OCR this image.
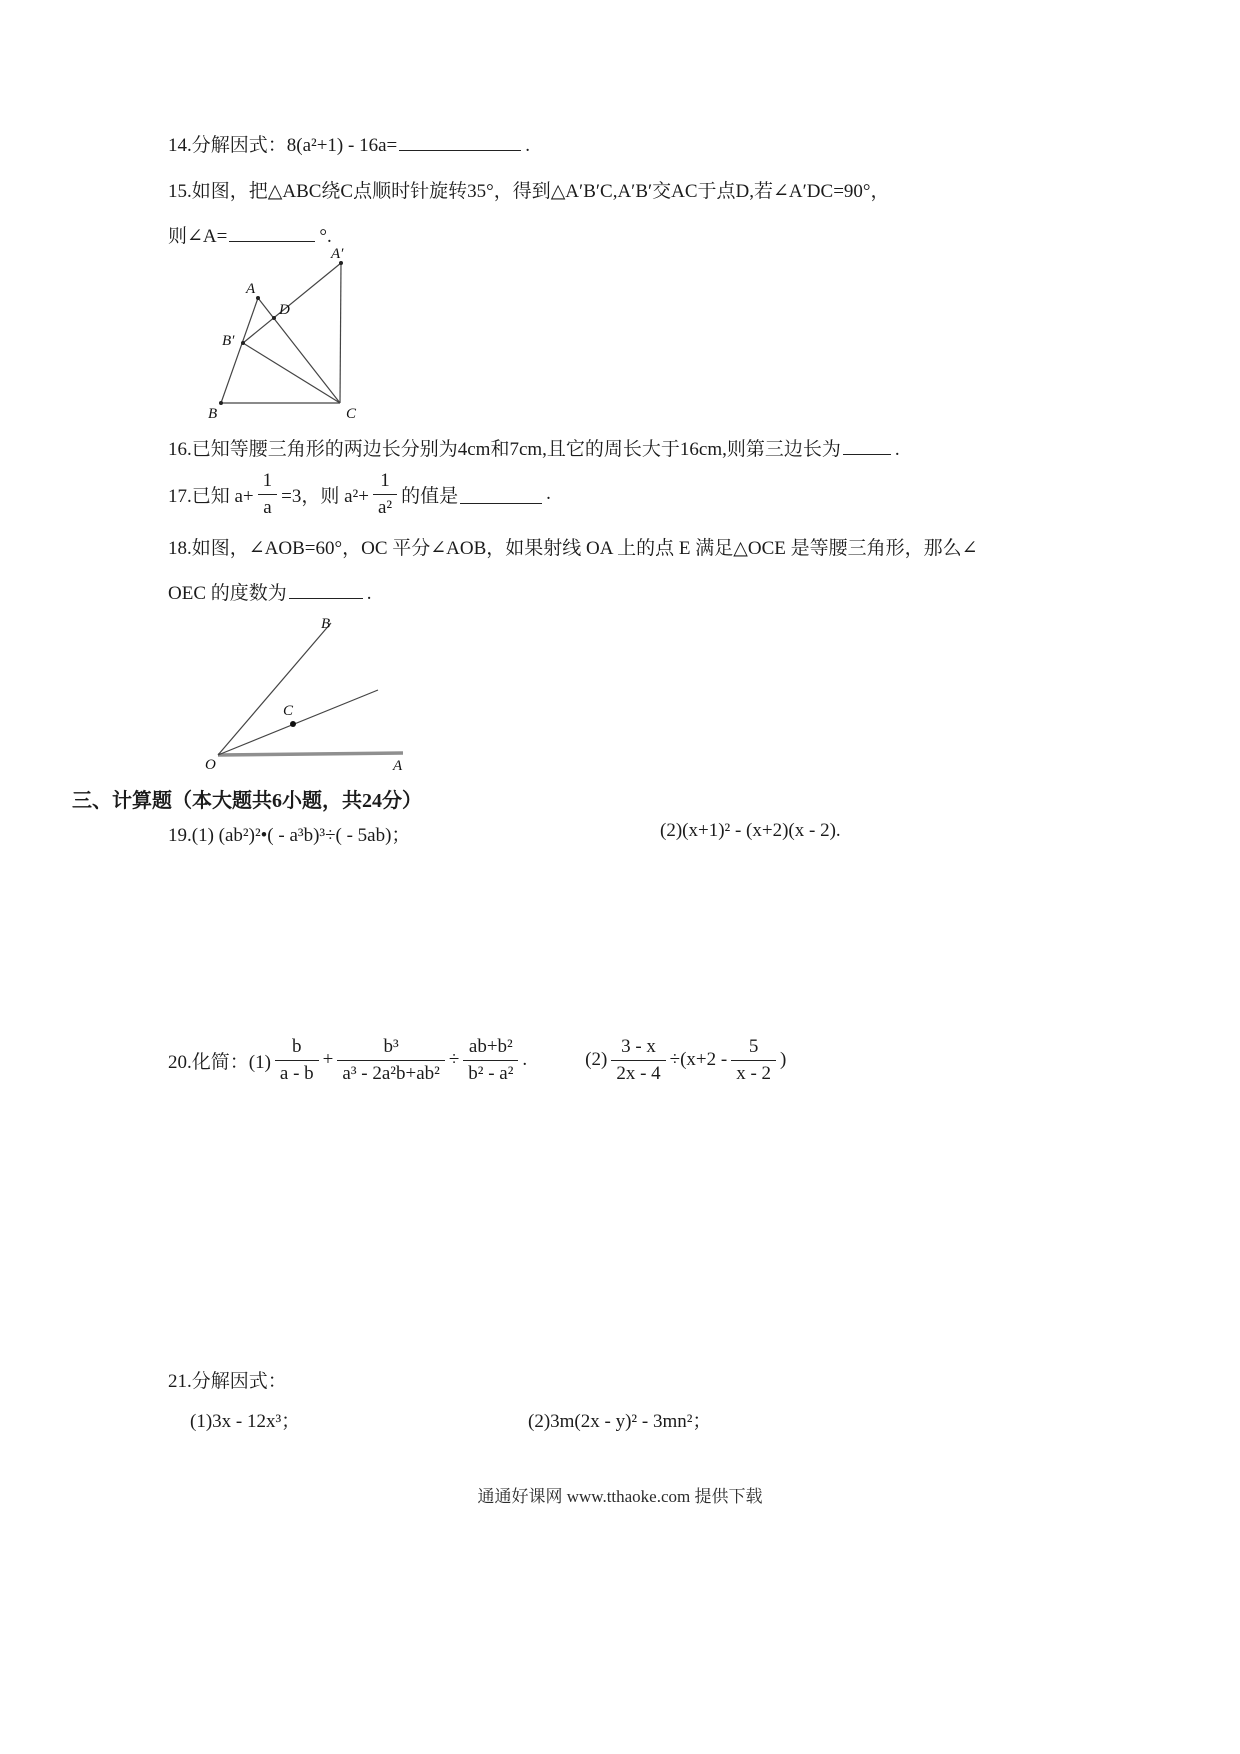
14.分解因式：8(a²+1) - 16a=	.
15.如图，把△ABC绕C点顺时针旋转35°，得到△A′B′C,A′B′交AC于点D,若∠A′DC=90°，
则∠A=	°.
A′
A
D
B′
B	C
16.已知等腰三角形的两边长分别为4cm和7cm,且它的周长大于16cm,则第三边长为	.
17.已知 $a+ \frac{1}{a} =3$，则 $a^2+ \frac{1}{\text{a²}}$ 的值是	.
18.如图，∠AOB=60°，OC 平分∠AOB，如果射线 OA 上的点 E 满足△OCE 是等腰三角形，那么∠
OEC 的度数为	.
B
C
O	A
三、计算题（本大题共6小题，共24分）
19.(1) (ab²)²•( - a³b)³÷( - 5ab)；	(2)(x+1)² - (x+2)(x - 2).
20.化简：$(1) \frac{b}{a - b} + \frac{\text{b³}}{\text{a³ - 2a²b+ab²}} \div \frac{\text{ab+b²}}{\text{b² - a²}}$ .	$(2) \frac{3 - x}{2x - 4} \div (x+2 - \frac{5}{x - 2}$ )
21.分解因式：
(1)3x - 12x³；	(2)3m(2x - y)² - 3mn²；
通通好课网 www.tthaoke.com 提供下载
